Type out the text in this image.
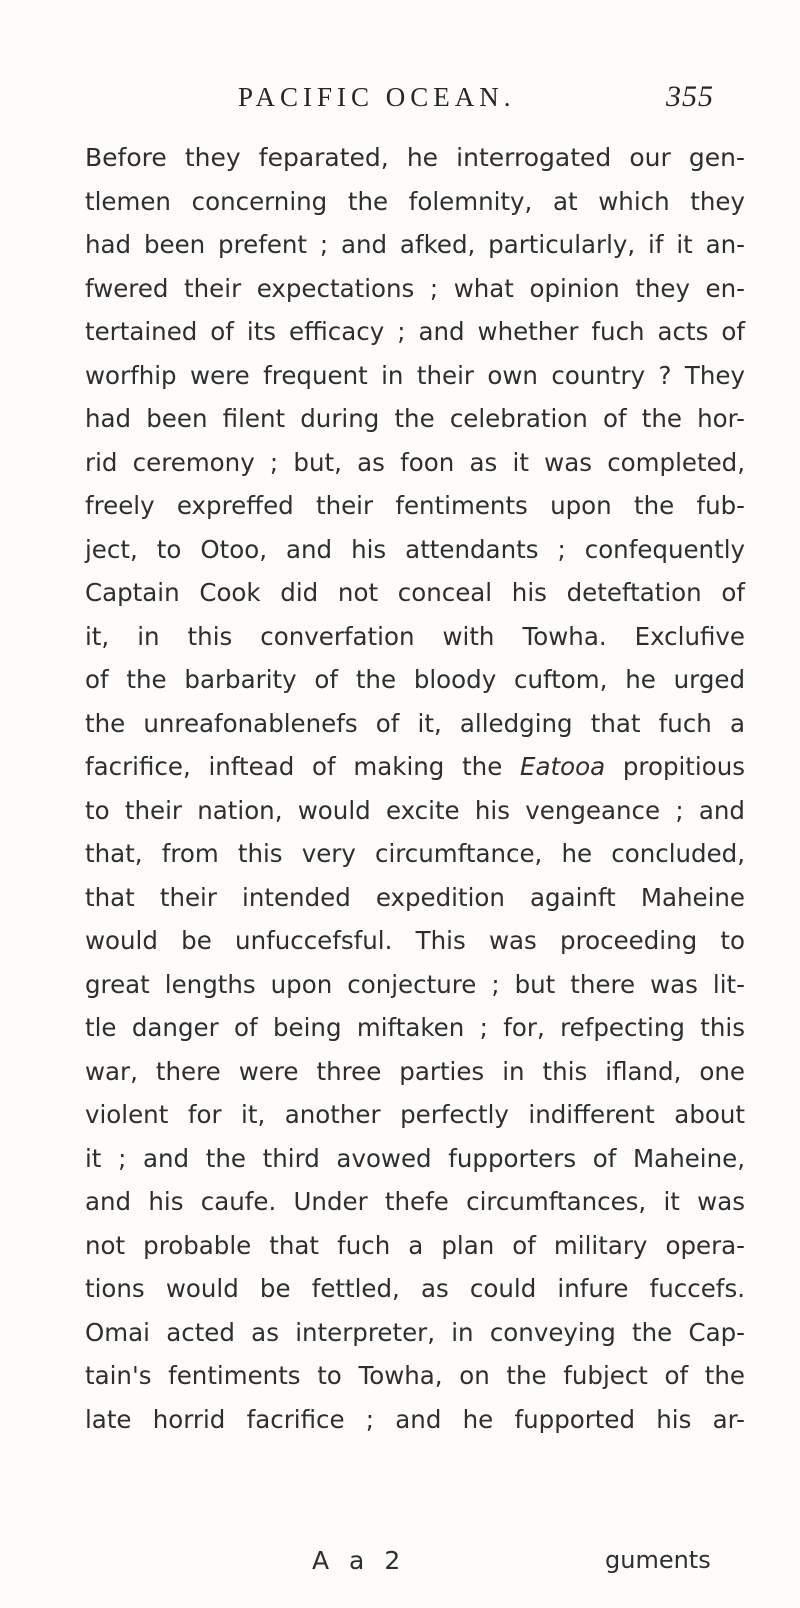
PACIFIC OCEAN.	355
Before they feparated, he interrogated our gen-
tlemen concerning the folemnity, at which they
had been prefent ; and afked, particularly, if it an-
fwered their expectations ; what opinion they en-
tertained of its efficacy ; and whether fuch acts of
worfhip were frequent in their own country ? They
had been filent during the celebration of the hor-
rid ceremony ; but, as foon as it was completed,
freely expreffed their fentiments upon the fub-
ject, to Otoo, and his attendants ; confequently
Captain Cook did not conceal his deteftation of
it, in this converfation with Towha. Exclufive
of the barbarity of the bloody cuftom, he urged
the unreafonablenefs of it, alledging that fuch a
facrifice, inftead of making the Eatooa propitious
to their nation, would excite his vengeance ; and
that, from this very circumftance, he concluded,
that their intended expedition againft Maheine
would be unfuccefsful. This was proceeding to
great lengths upon conjecture ; but there was lit-
tle danger of being miftaken ; for, refpecting this
war, there were three parties in this ifland, one
violent for it, another perfectly indifferent about
it ; and the third avowed fupporters of Maheine,
and his caufe. Under thefe circumftances, it was
not probable that fuch a plan of military opera-
tions would be fettled, as could infure fuccefs.
Omai acted as interpreter, in conveying the Cap-
tain's fentiments to Towha, on the fubject of the
late horrid facrifice ; and he fupported his ar-
A a 2	guments
